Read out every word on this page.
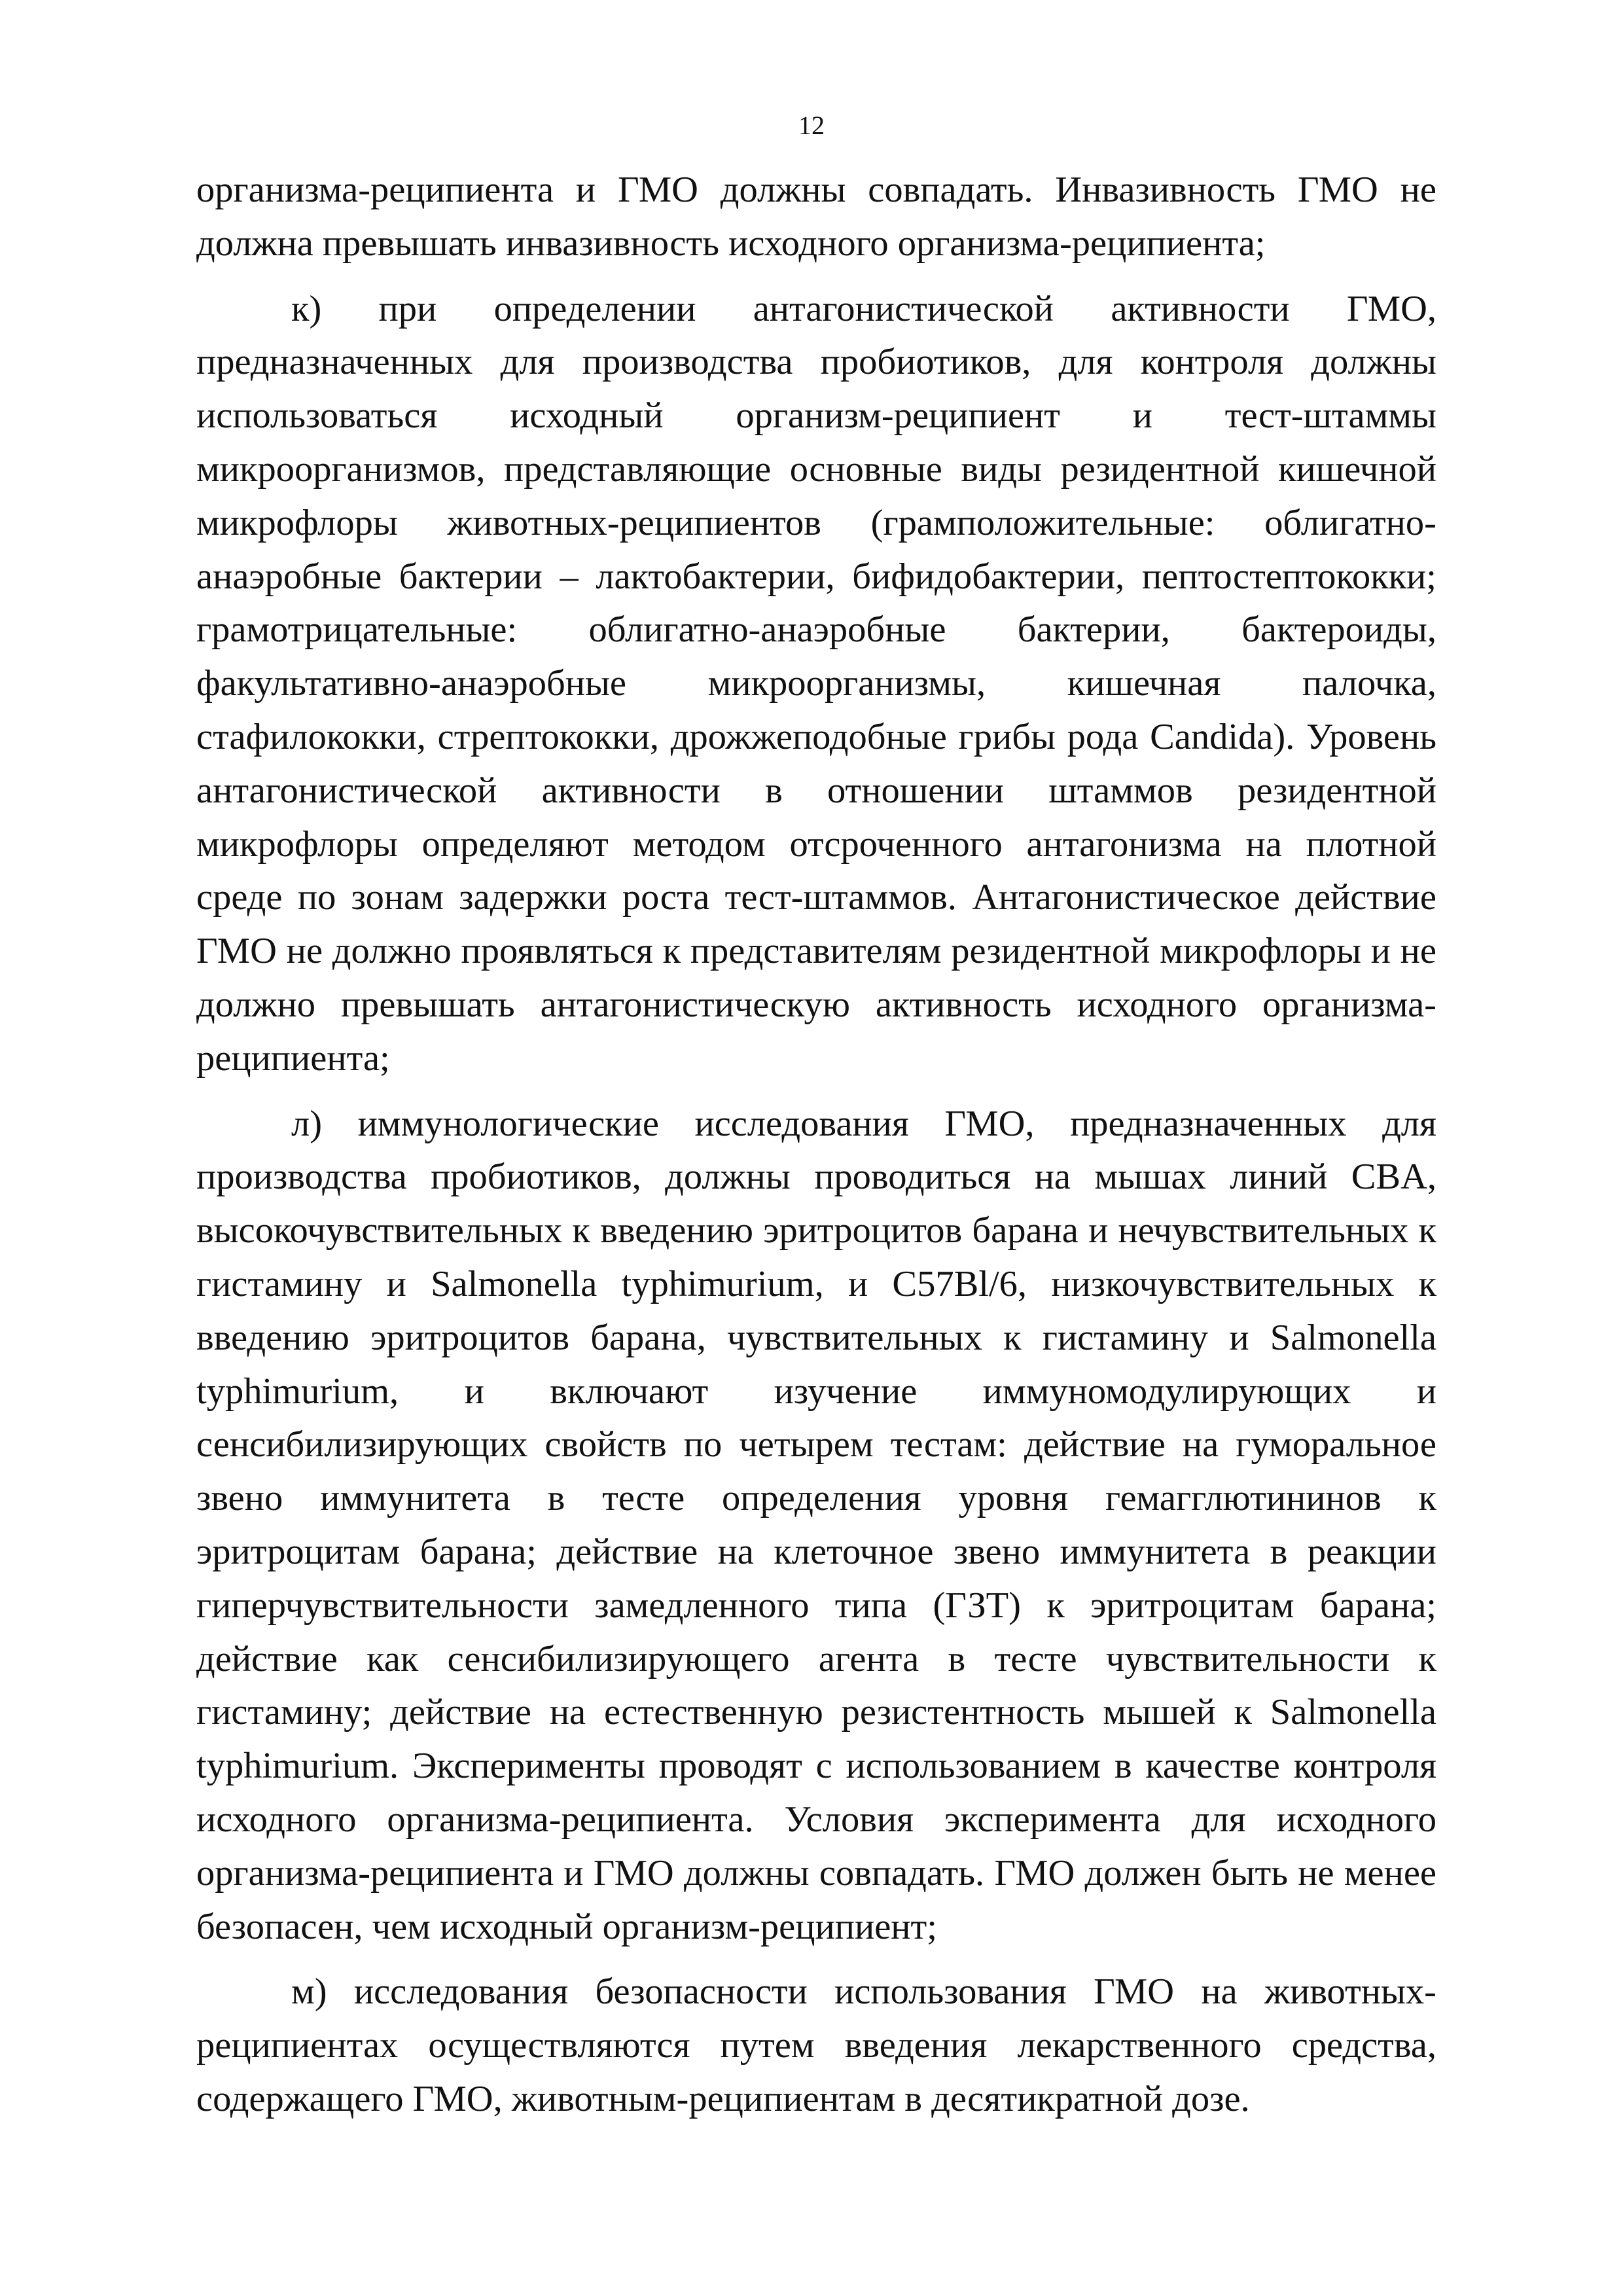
12

организма-реципиента и ГМО должны совпадать. Инвазивность ГМО не должна превышать инвазивность исходного организма-реципиента;

к) при определении антагонистической активности ГМО, предназначенных для производства пробиотиков, для контроля должны использоваться исходный организм-реципиент и тест-штаммы микроорганизмов, представляющие основные виды резидентной кишечной микрофлоры животных-реципиентов (грамположительные: облигатно-анаэробные бактерии – лактобактерии, бифидобактерии, пептостептококки; грамотрицательные: облигатно-анаэробные бактерии, бактероиды, факультативно-анаэробные микроорганизмы, кишечная палочка, стафилококки, стрептококки, дрожжеподобные грибы рода Candida). Уровень антагонистической активности в отношении штаммов резидентной микрофлоры определяют методом отсроченного антагонизма на плотной среде по зонам задержки роста тест-штаммов. Антагонистическое действие ГМО не должно проявляться к представителям резидентной микрофлоры и не должно превышать антагонистическую активность исходного организма-реципиента;

л) иммунологические исследования ГМО, предназначенных для производства пробиотиков, должны проводиться на мышах линий CBA, высокочувствительных к введению эритроцитов барана и нечувствительных к гистамину и Salmonella typhimurium, и C57Bl/6, низкочувствительных к введению эритроцитов барана, чувствительных к гистамину и Salmonella typhimurium, и включают изучение иммуномодулирующих и сенсибилизирующих свойств по четырем тестам: действие на гуморальное звено иммунитета в тесте определения уровня гемагглютининов к эритроцитам барана; действие на клеточное звено иммунитета в реакции гиперчувствительности замедленного типа (ГЗТ) к эритроцитам барана; действие как сенсибилизирующего агента в тесте чувствительности к гистамину; действие на естественную резистентность мышей к Salmonella typhimurium. Эксперименты проводят с использованием в качестве контроля исходного организма-реципиента. Условия эксперимента для исходного организма-реципиента и ГМО должны совпадать. ГМО должен быть не менее безопасен, чем исходный организм-реципиент;

м) исследования безопасности использования ГМО на животных-реципиентах осуществляются путем введения лекарственного средства, содержащего ГМО, животным-реципиентам в десятикратной дозе.
